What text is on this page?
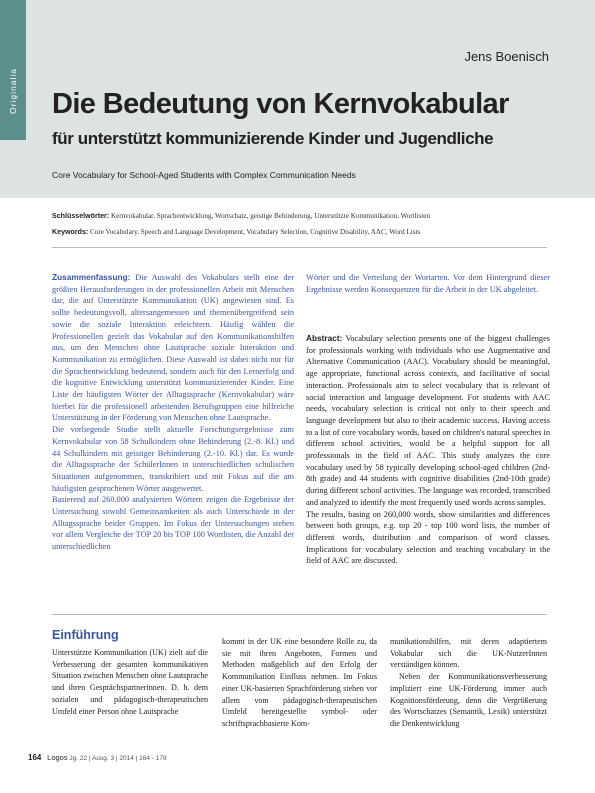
Originalia
Jens Boenisch
Die Bedeutung von Kernvokabular
für unterstützt kommunizierende Kinder und Jugendliche
Core Vocabulary for School-Aged Students with Complex Communication Needs
Schlüsselwörter: Kernvokabular, Sprachentwicklung, Wortschatz, geistige Behinderung, Unterstützte Kommunikation, Wortlisten
Keywords: Core Vocabulary, Speech and Language Development, Vocabulary Selection, Cognitive Disability, AAC, Word Lists
Zusammenfassung: Die Auswahl des Vokabulars stellt eine der größten Herausforderungen in der professionellen Arbeit mit Menschen dar, die auf Unterstützte Kommunikation (UK) angewiesen sind. Es sollte bedeutungsvoll, altersangemessen und themenübergreifend sein sowie die soziale Interaktion erleichtern. Häufig wählen die Professionellen gezielt das Vokabular auf den Kommunikationshilfen aus, um den Menschen ohne Lautsprache soziale Interaktion und Kommunikation zu ermöglichen. Diese Auswahl ist dabei nicht nur für die Sprachentwicklung bedeutend, sondern auch für den Lernerfolg und die kognitive Entwicklung unterstützt kommunizierender Kinder. Eine Liste der häufigsten Wörter der Alltagssprache (Kernvokabular) wäre hierbei für die professionell arbeitenden Berufsgruppen eine hilfreiche Unterstützung in der Förderung von Menschen ohne Lautsprache.
Die vorliegende Studie stellt aktuelle Forschungsergebnisse zum Kernvokabular von 58 Schulkindern ohne Behinderung (2.-8. Kl.) und 44 Schulkindern mit geistiger Behinderung (2.-10. Kl.) dar. Es wurde die Alltagssprache der SchülerInnen in unterschiedlichen schulischen Situationen aufgenommen, transkribiert und mit Fokus auf die am häufigsten gesprochenen Wörter ausgewertet.
Basierend auf 260.000 analysierten Wörtern zeigen die Ergebnisse der Untersuchung sowohl Gemeinsamkeiten als auch Unterschiede in der Alltagssprache beider Gruppen. Im Fokus der Untersuchungen stehen vor allem Vergleiche der TOP 20 bis TOP 100 Wortlisten, die Anzahl der unterschiedlichen
Wörter und die Verteilung der Wortarten. Vor dem Hintergrund dieser Ergebnisse werden Konsequenzen für die Arbeit in der UK abgeleitet.
Abstract: Vocabulary selection presents one of the biggest challenges for professionals working with individuals who use Augmentative and Alternative Communication (AAC). Vocabulary should be meaningful, age appropriate, functional across contexts, and facilitative of social interaction. Professionals aim to select vocabulary that is relevant of social interaction and language development. For students with AAC needs, vocabulary selection is critical not only to their speech and language development but also to their academic success. Having access to a list of core vocabulary words, based on children's natural speeches in different school activities, would be a helpful support for all professionals in the field of AAC. This study analyzes the core vocabulary used by 58 typically developing school-aged children (2nd-8th grade) and 44 students with cognitive disabilities (2nd-10th grade) during different school activities. The language was recorded, transcribed and analyzed to identify the most frequently used words across samples.
The results, basing on 260,000 words, show similarities and differences between both groups, e.g. top 20 - top 100 word lists, the number of different words, distribution and comparison of word classes. Implications for vocabulary selection and teaching vocabulary in the field of AAC are discussed.
Einführung
Unterstützte Kommunikation (UK) zielt auf die Verbesserung der gesamten kommunikativen Situation zwischen Menschen ohne Lautsprache und ihren Gesprächspartnerinnen. D. h. dem sozialen und pädagogisch-therapeutischen Umfeld einer Person ohne Lautsprache
kommt in der UK eine besondere Rolle zu, da sie mit ihren Angeboten, Formen und Methoden maßgeblich auf den Erfolg der Kommunikation Einfluss nehmen. Im Fokus einer UK-basierten Sprachförderung stehen vor allem vom pädagogisch-therapeutischen Umfeld bereitgestellte symbol- oder schriftsprachbasierte Kom-
munikationshilfen, mit deren adaptiertem Vokabular sich die UK-NutzerInnen verständigen können.
Neben der Kommunikationsverbesserung impliziert eine UK-Förderung immer auch Kognitionsförderung, denn die Vergrößerung des Wortschatzes (Semantik, Lexik) unterstützt die Denkentwicklung
164 Logos Jg. 22 | Ausg. 3 | 2014 | 164 - 178
